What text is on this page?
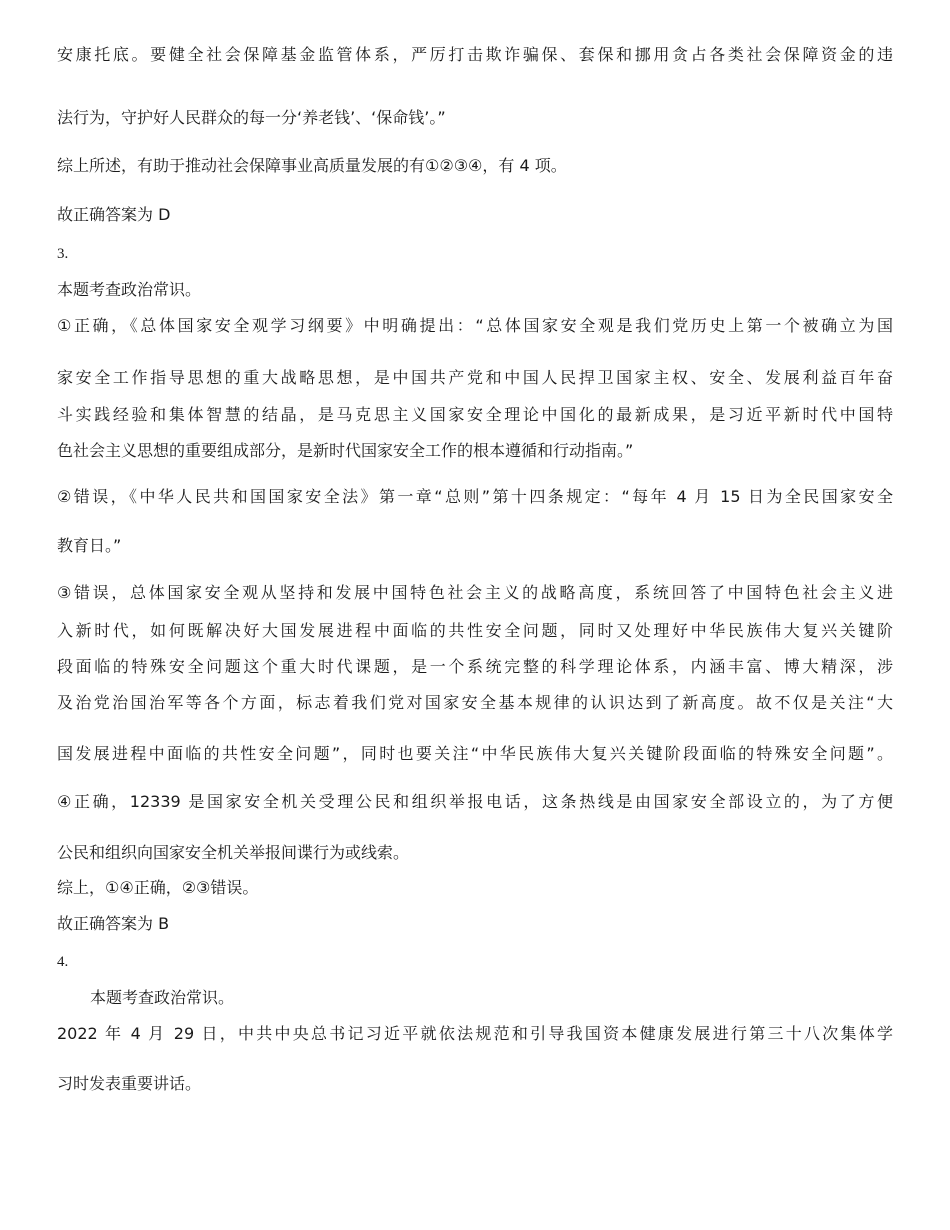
安康托底。要健全社会保障基金监管体系，严厉打击欺诈骗保、套保和挪用贪占各类社会保障资金的违

法行为，守护好人民群众的每一分‘养老钱’、‘保命钱’。”

综上所述，有助于推动社会保障事业高质量发展的有①②③④，有 4 项。

故正确答案为 D

3.

本题考查政治常识。

①正确，《总体国家安全观学习纲要》中明确提出：“总体国家安全观是我们党历史上第一个被确立为国

家安全工作指导思想的重大战略思想，是中国共产党和中国人民捍卫国家主权、安全、发展利益百年奋

斗实践经验和集体智慧的结晶，是马克思主义国家安全理论中国化的最新成果，是习近平新时代中国特

色社会主义思想的重要组成部分，是新时代国家安全工作的根本遵循和行动指南。”

②错误，《中华人民共和国国家安全法》第一章“总则”第十四条规定：“每年 4 月 15 日为全民国家安全

教育日。”

③错误，总体国家安全观从坚持和发展中国特色社会主义的战略高度，系统回答了中国特色社会主义进

入新时代，如何既解决好大国发展进程中面临的共性安全问题，同时又处理好中华民族伟大复兴关键阶

段面临的特殊安全问题这个重大时代课题，是一个系统完整的科学理论体系，内涵丰富、博大精深，涉

及治党治国治军等各个方面，标志着我们党对国家安全基本规律的认识达到了新高度。故不仅是关注“大

国发展进程中面临的共性安全问题”，同时也要关注“中华民族伟大复兴关键阶段面临的特殊安全问题”。

④正确，12339 是国家安全机关受理公民和组织举报电话，这条热线是由国家安全部设立的，为了方便

公民和组织向国家安全机关举报间谍行为或线索。

综上，①④正确，②③错误。

故正确答案为 B

4.

本题考查政治常识。

2022 年 4 月 29 日，中共中央总书记习近平就依法规范和引导我国资本健康发展进行第三十八次集体学

习时发表重要讲话。
